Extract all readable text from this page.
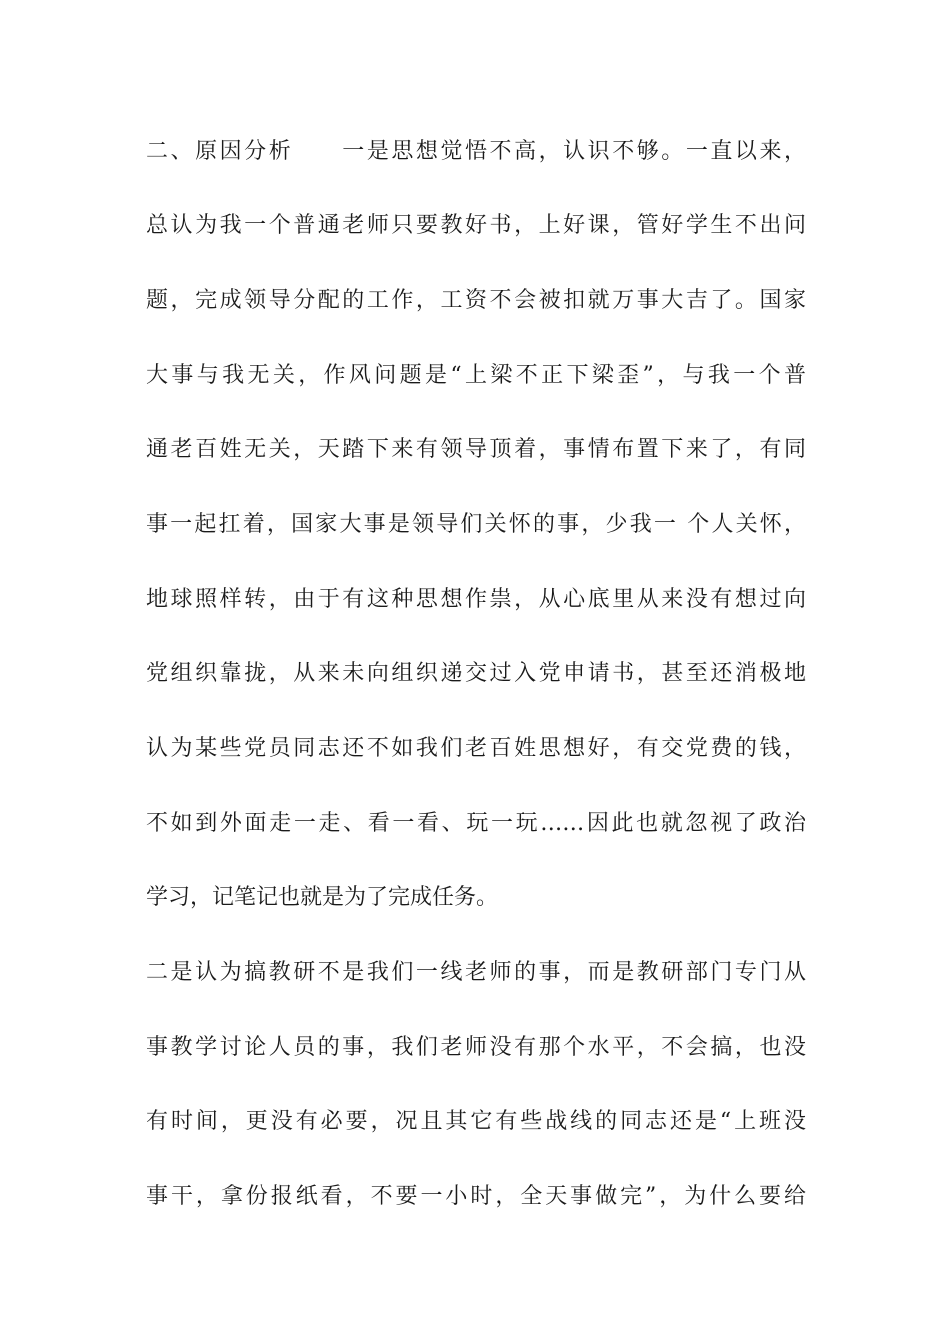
二、原因分析　　一是思想觉悟不高，认识不够。一直以来，
总认为我一个普通老师只要教好书，上好课，管好学生不出问
题，完成领导分配的工作，工资不会被扣就万事大吉了。国家
大事与我无关，作风问题是“上梁不正下梁歪”，与我一个普
通老百姓无关，天踏下来有领导顶着，事情布置下来了，有同
事一起扛着，国家大事是领导们关怀的事，少我一 个人关怀，
地球照样转，由于有这种思想作祟，从心底里从来没有想过向
党组织靠拢，从来未向组织递交过入党申请书，甚至还消极地
认为某些党员同志还不如我们老百姓思想好，有交党费的钱，
不如到外面走一走、看一看、玩一玩……因此也就忽视了政治
学习，记笔记也就是为了完成任务。
二是认为搞教研不是我们一线老师的事，而是教研部门专门从
事教学讨论人员的事，我们老师没有那个水平，不会搞，也没
有时间，更没有必要，况且其它有些战线的同志还是“上班没
事干，拿份报纸看，不要一小时，全天事做完”，为什么要给
